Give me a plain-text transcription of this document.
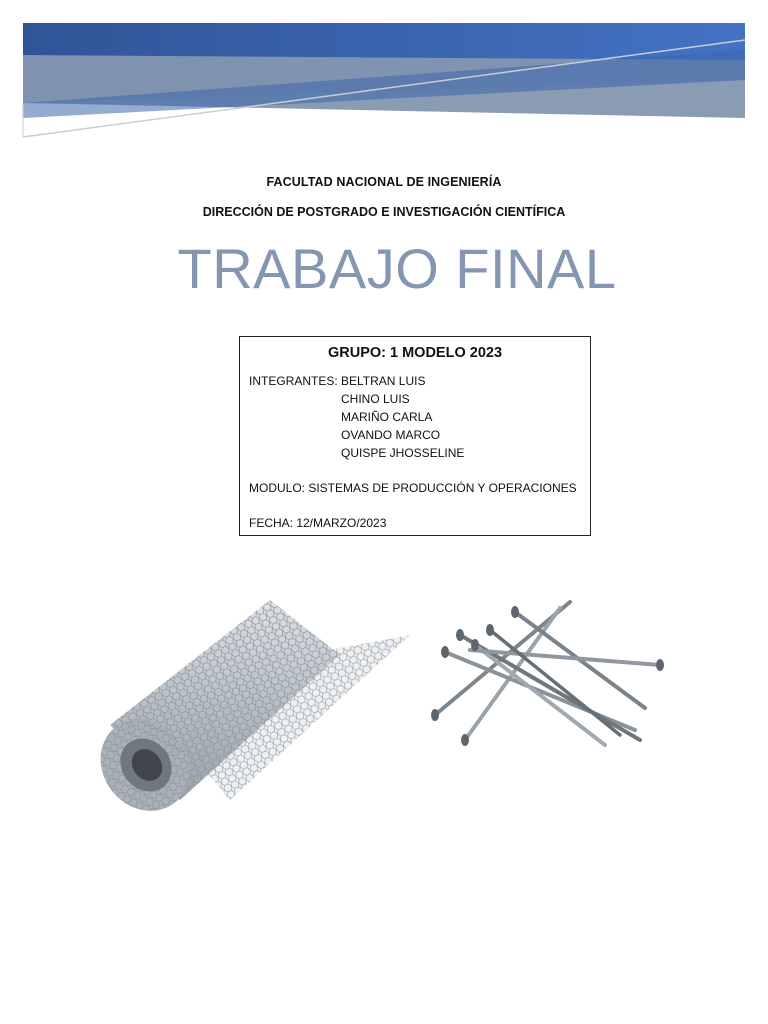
FACULTAD NACIONAL DE INGENIERÍA
DIRECCIÓN DE POSTGRADO E INVESTIGACIÓN CIENTÍFICA
TRABAJO FINAL
GRUPO: 1 MODELO 2023
INTEGRANTES: BELTRAN LUIS
CHINO LUIS
MARIÑO CARLA
OVANDO MARCO
QUISPE JHOSSELINE
MODULO: SISTEMAS DE PRODUCCIÓN Y OPERACIONES
FECHA: 12/MARZO/2023
